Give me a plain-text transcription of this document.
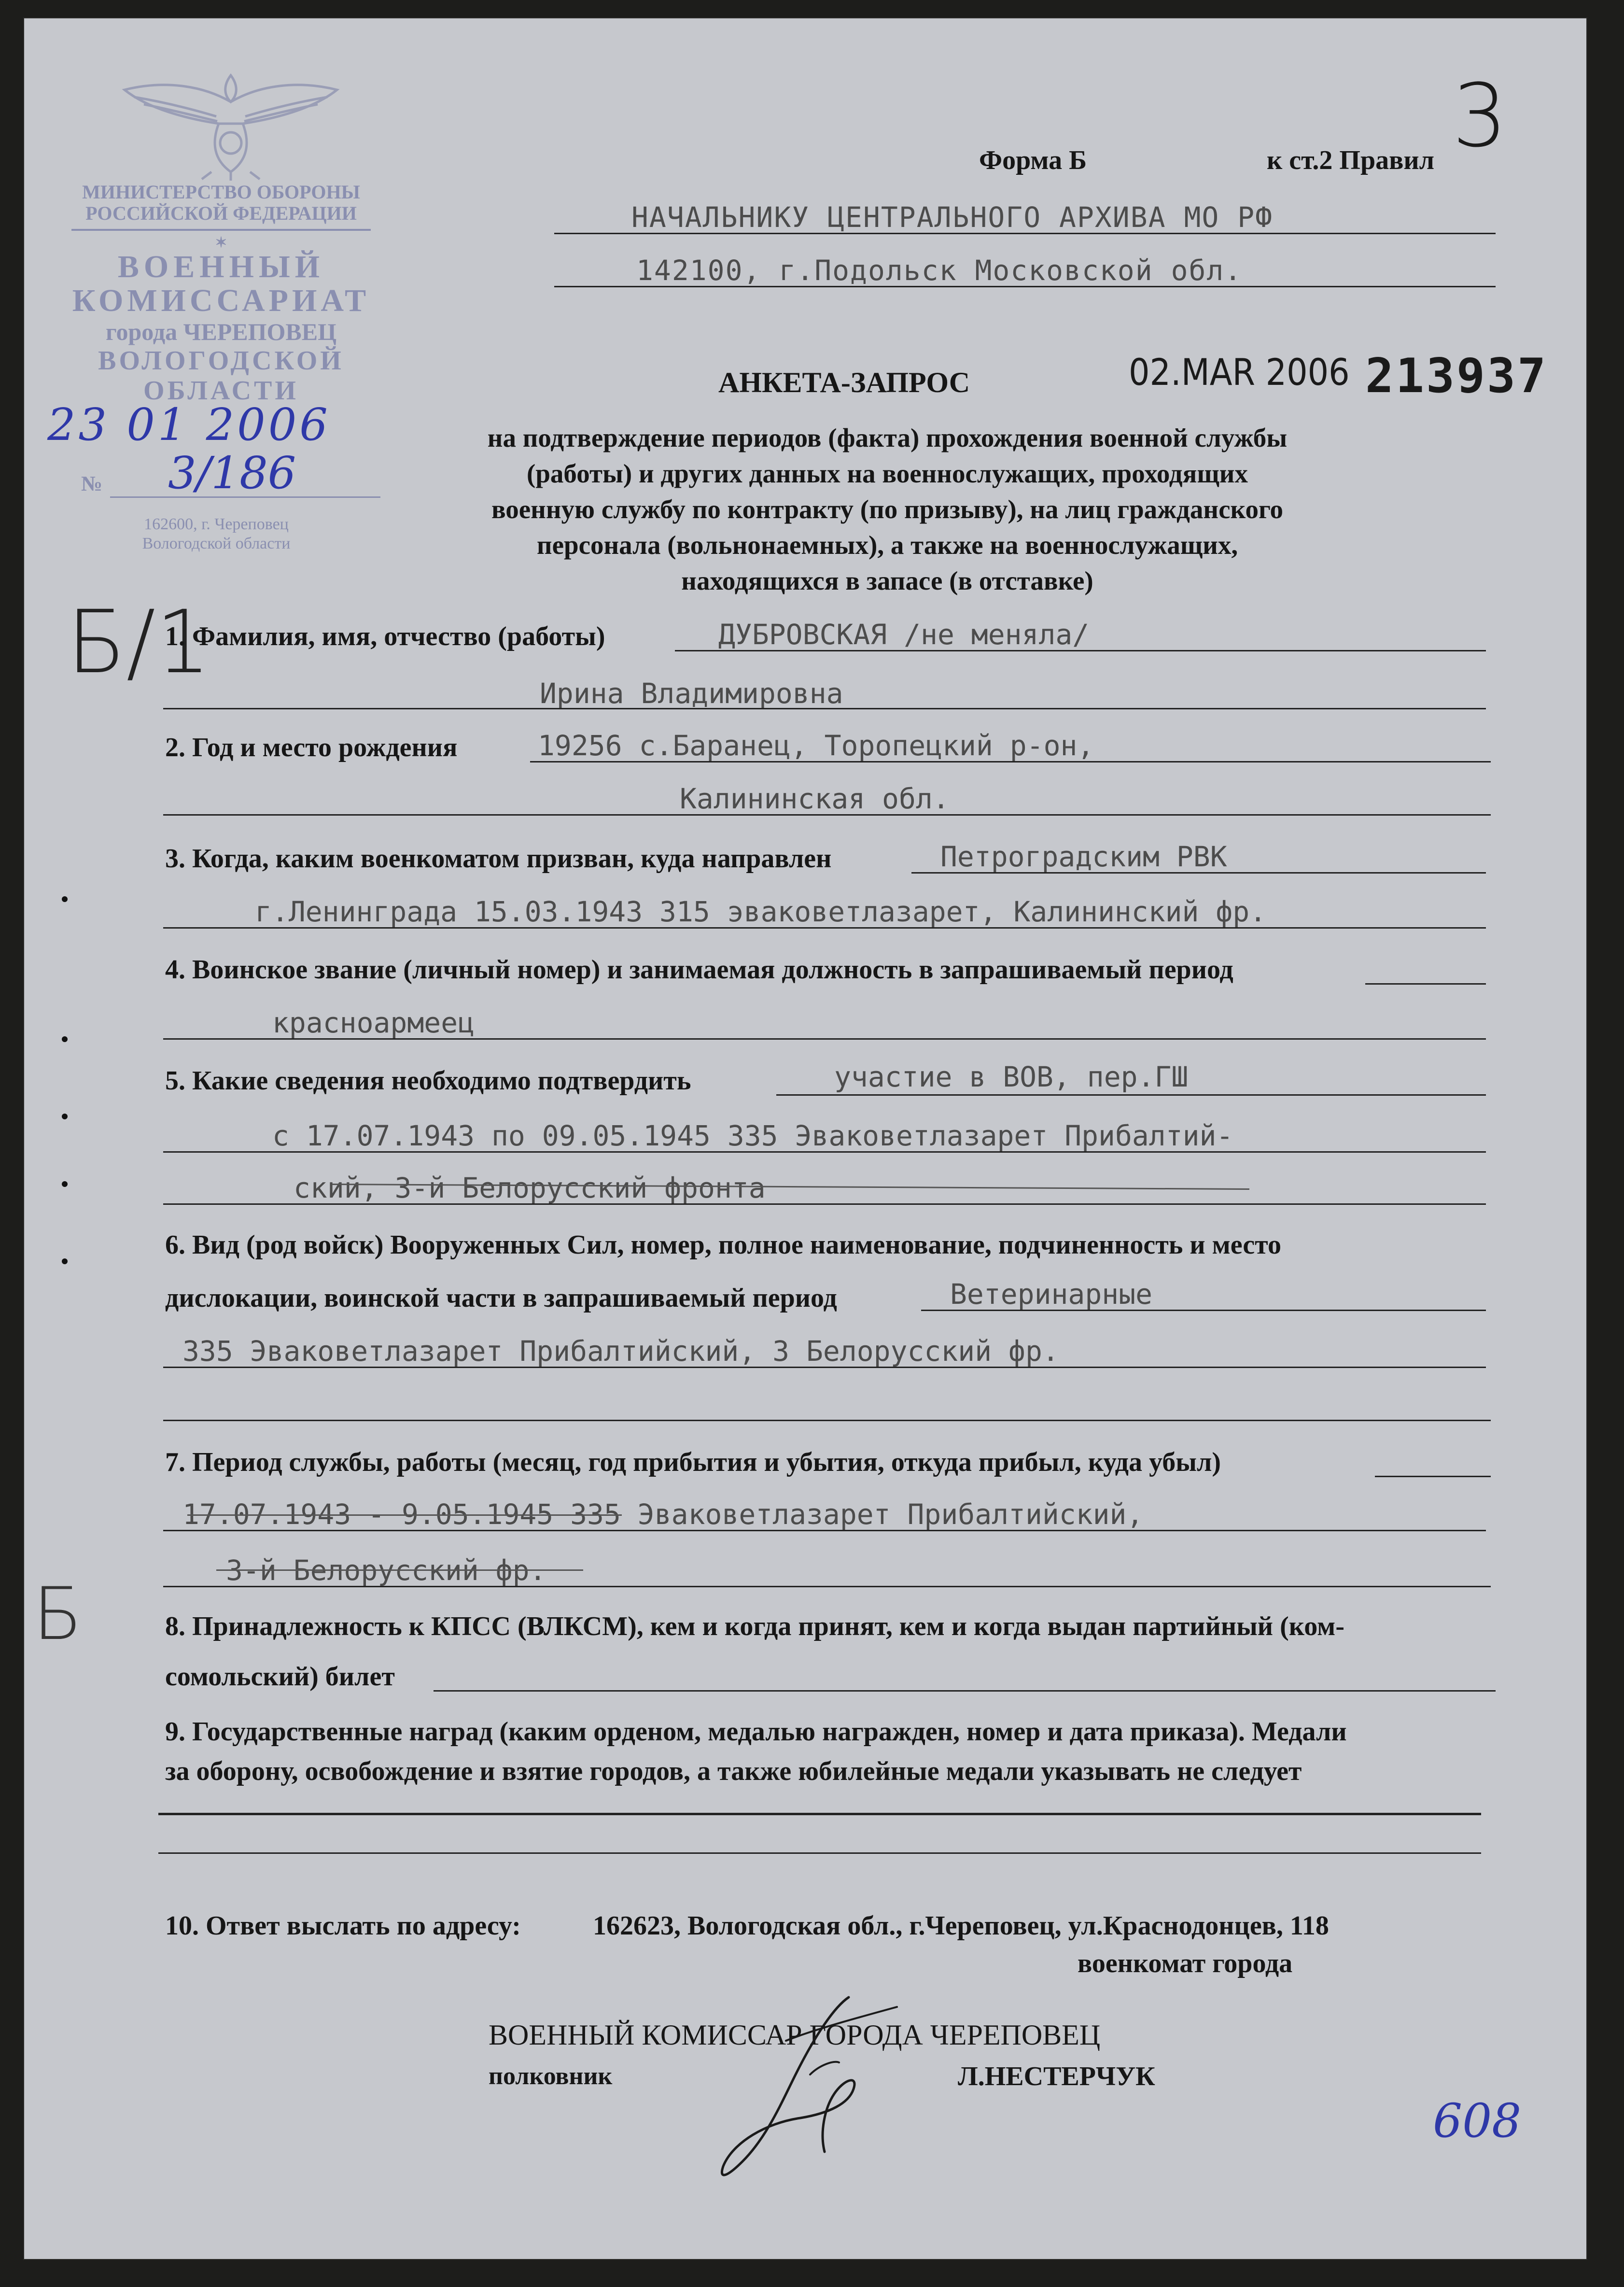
МИНИСТЕРСТВО ОБОРОНЫ
РОССИЙСКОЙ ФЕДЕРАЦИИ
✶
ВОЕННЫЙ
КОМИССАРИАТ
города ЧЕРЕПОВЕЦ
ВОЛОГОДСКОЙ
ОБЛАСТИ
№
162600, г. Череповец
Вологодской области
23 01 2006
3/186
3
Форма Б	к ст.2 Правил
НАЧАЛЬНИКУ ЦЕНТРАЛЬНОГО АРХИВА МО РФ
142100, г.Подольск Московской обл.
АНКЕТА-ЗАПРОС	02.MAR 2006 213937
на подтверждение периодов (факта) прохождения военной службы
(работы) и других данных на военнослужащих, проходящих
военную службу по контракту (по призыву), на лиц гражданского
персонала (вольнонаемных), а также на военнослужащих,
находящихся в запасе (в отставке)
Б/1
Б
1. Фамилия, имя, отчество (работы)	ДУБРОВСКАЯ /не меняла/
Ирина Владимировна
2. Год и место рождения	19256 с.Баранец, Торопецкий р-он,
Калининская обл.
3. Когда, каким военкоматом призван, куда направлен	Петроградским РВК
г.Ленинграда 15.03.1943 315 эваковетлазарет, Калининский фр.
4. Воинское звание (личный номер) и занимаемая должность в запрашиваемый период
красноармеец
5. Какие сведения необходимо подтвердить	участие в ВОВ, пер.ГШ
с 17.07.1943 по 09.05.1945 335 Эваковетлазарет Прибалтий-
ский, 3-й Белорусский фронта
6. Вид (род войск) Вооруженных Сил, номер, полное наименование, подчиненность и место
дислокации, воинской части в запрашиваемый период	Ветеринарные
335 Эваковетлазарет Прибалтийский, 3 Белорусский фр.
7. Период службы, работы (месяц, год прибытия и убытия, откуда прибыл, куда убыл)
17.07.1943 - 9.05.1945 335 Эваковетлазарет Прибалтийский,
3-й Белорусский фр.
8. Принадлежность к КПСС (ВЛКСМ), кем и когда принят, кем и когда выдан партийный (ком-
сомольский) билет
9. Государственные наград (каким орденом, медалью награжден, номер и дата приказа). Медали
за оборону, освобождение и взятие городов, а также юбилейные медали указывать не следует
10. Ответ выслать по адресу:	162623, Вологодская обл., г.Череповец, ул.Краснодонцев, 118
военкомат города
ВОЕННЫЙ КОМИССАР ГОРОДА ЧЕРЕПОВЕЦ
полковник	Л.НЕСТЕРЧУК
608
